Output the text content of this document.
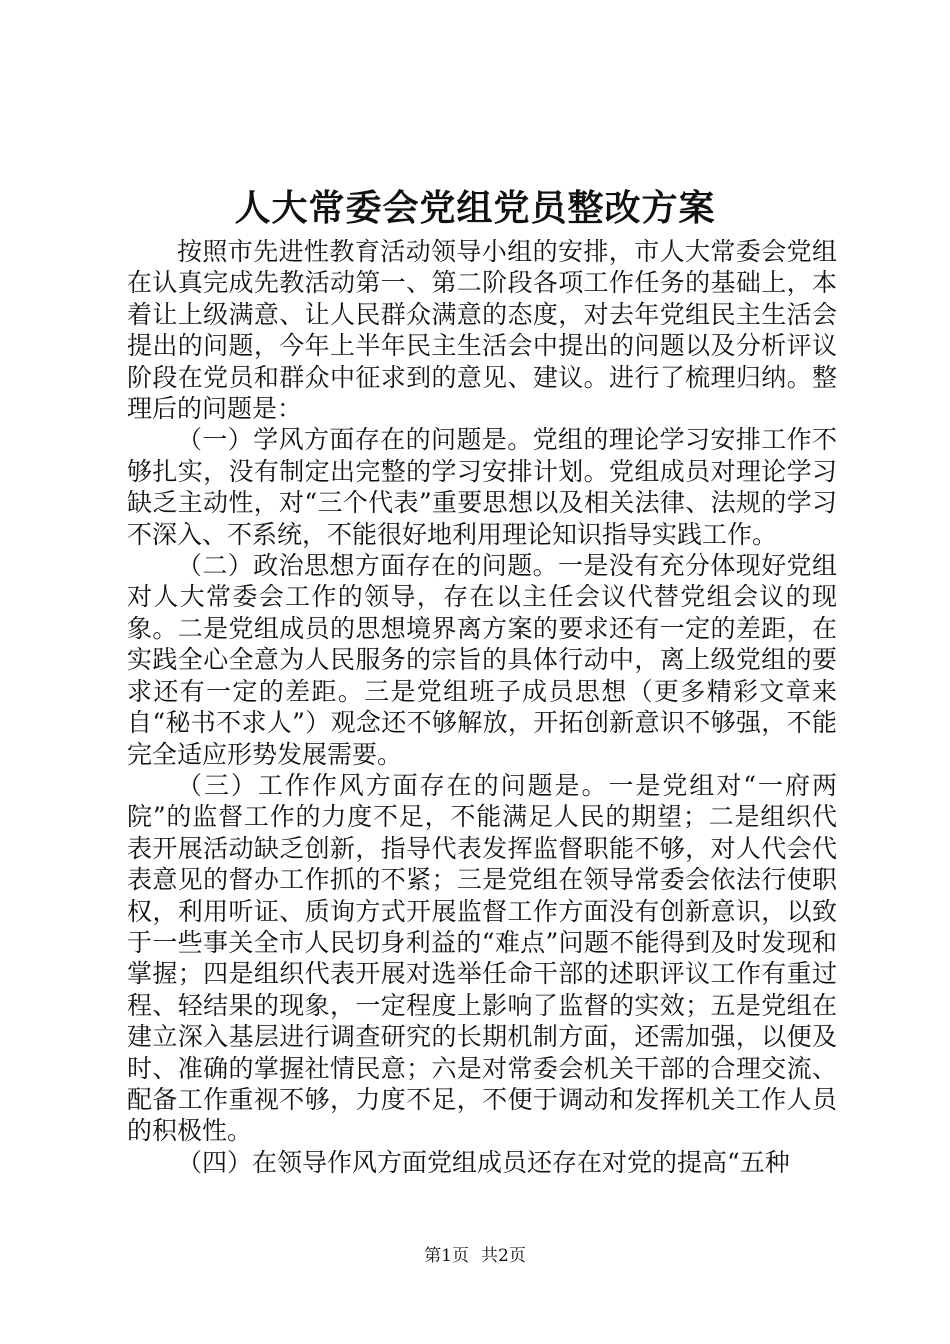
人大常委会党组党员整改方案

按照市先进性教育活动领导小组的安排，市人大常委会党组在认真完成先教活动第一、第二阶段各项工作任务的基础上，本着让上级满意、让人民群众满意的态度，对去年党组民主生活会提出的问题，今年上半年民主生活会中提出的问题以及分析评议阶段在党员和群众中征求到的意见、建议。进行了梳理归纳。整理后的问题是：

（一）学风方面存在的问题是。党组的理论学习安排工作不够扎实，没有制定出完整的学习安排计划。党组成员对理论学习缺乏主动性，对“三个代表”重要思想以及相关法律、法规的学习不深入、不系统，不能很好地利用理论知识指导实践工作。

（二）政治思想方面存在的问题。一是没有充分体现好党组对人大常委会工作的领导，存在以主任会议代替党组会议的现象。二是党组成员的思想境界离方案的要求还有一定的差距，在实践全心全意为人民服务的宗旨的具体行动中，离上级党组的要求还有一定的差距。三是党组班子成员思想（更多精彩文章来自“秘书不求人”）观念还不够解放，开拓创新意识不够强，不能完全适应形势发展需要。

（三）工作作风方面存在的问题是。一是党组对“一府两院”的监督工作的力度不足，不能满足人民的期望；二是组织代表开展活动缺乏创新，指导代表发挥监督职能不够，对人代会代表意见的督办工作抓的不紧；三是党组在领导常委会依法行使职权，利用听证、质询方式开展监督工作方面没有创新意识，以致于一些事关全市人民切身利益的“难点”问题不能得到及时发现和掌握；四是组织代表开展对选举任命干部的述职评议工作有重过程、轻结果的现象，一定程度上影响了监督的实效；五是党组在建立深入基层进行调查研究的长期机制方面，还需加强，以便及时、准确的掌握社情民意；六是对常委会机关干部的合理交流、配备工作重视不够，力度不足，不便于调动和发挥机关工作人员的积极性。

（四）在领导作风方面党组成员还存在对党的提高“五种

第1页 共2页
